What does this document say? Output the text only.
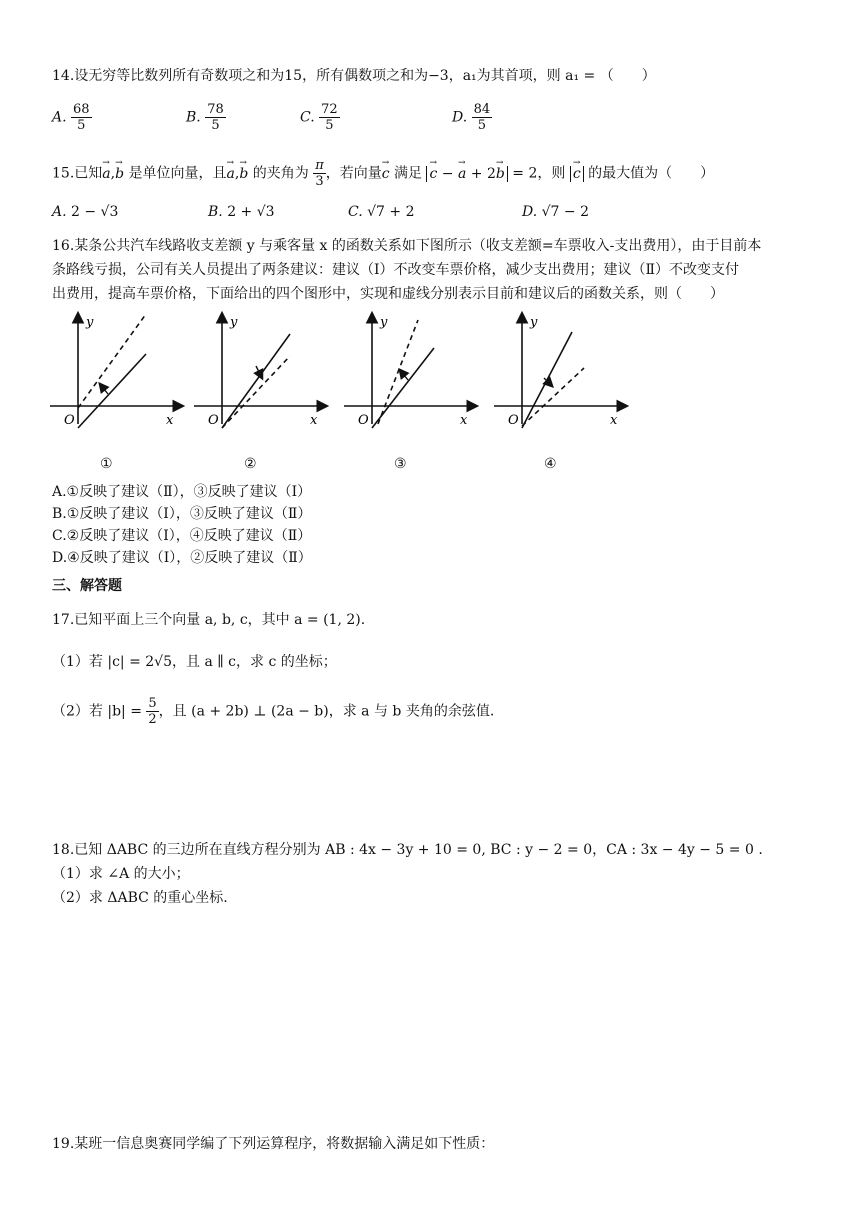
14.设无穷等比数列所有奇数项之和为15，所有偶数项之和为−3，a₁为其首项，则 a₁ = （　　）
A. $\frac{68}{5}$	B. $\frac{78}{5}$	C. $\frac{72}{5}$	D. $\frac{84}{5}$
15.已知→ a,→ b 是单位向量，且→ a,→ b 的夹角为 $\frac{\pi}{3}$ ，若向量→ c 满足 → c − → a + 2→ b = 2，则 → c 的最大值为（　　）
A. 2 − √3	B. 2 + √3	C. √7 + 2	D. √7 − 2
16.某条公共汽车线路收支差额 y 与乘客量 x 的函数关系如下图所示（收支差额=车票收入-支出费用），由于目前本
条路线亏损，公司有关人员提出了两条建议：建议（Ⅰ）不改变车票价格，减少支出费用；建议（Ⅱ）不改变支付
出费用，提高车票价格，下面给出的四个图形中，实现和虚线分别表示目前和建议后的函数关系，则（　　）
y
x
O
y
x
O
y
x
O
y
x
O
①	②	③	④
A.①反映了建议（Ⅱ），③反映了建议（Ⅰ）
B.①反映了建议（Ⅰ），③反映了建议（Ⅱ）
C.②反映了建议（Ⅰ），④反映了建议（Ⅱ）
D.④反映了建议（Ⅰ），②反映了建议（Ⅱ）
三、解答题
17.已知平面上三个向量 a, b, c，其中 a = (1, 2).
（1）若 |c| = 2√5，且 a ∥ c，求 c 的坐标；
（2）若 $|b| = \frac{5}{2}$ ，且 (a + 2b) ⊥ (2a − b)，求 a 与 b 夹角的余弦值.
18.已知 ΔABC 的三边所在直线方程分别为 AB : 4x − 3y + 10 = 0, BC : y − 2 = 0，CA : 3x − 4y − 5 = 0 .
（1）求 ∠A 的大小；
（2）求 ΔABC 的重心坐标.
19.某班一信息奥赛同学编了下列运算程序，将数据输入满足如下性质：
